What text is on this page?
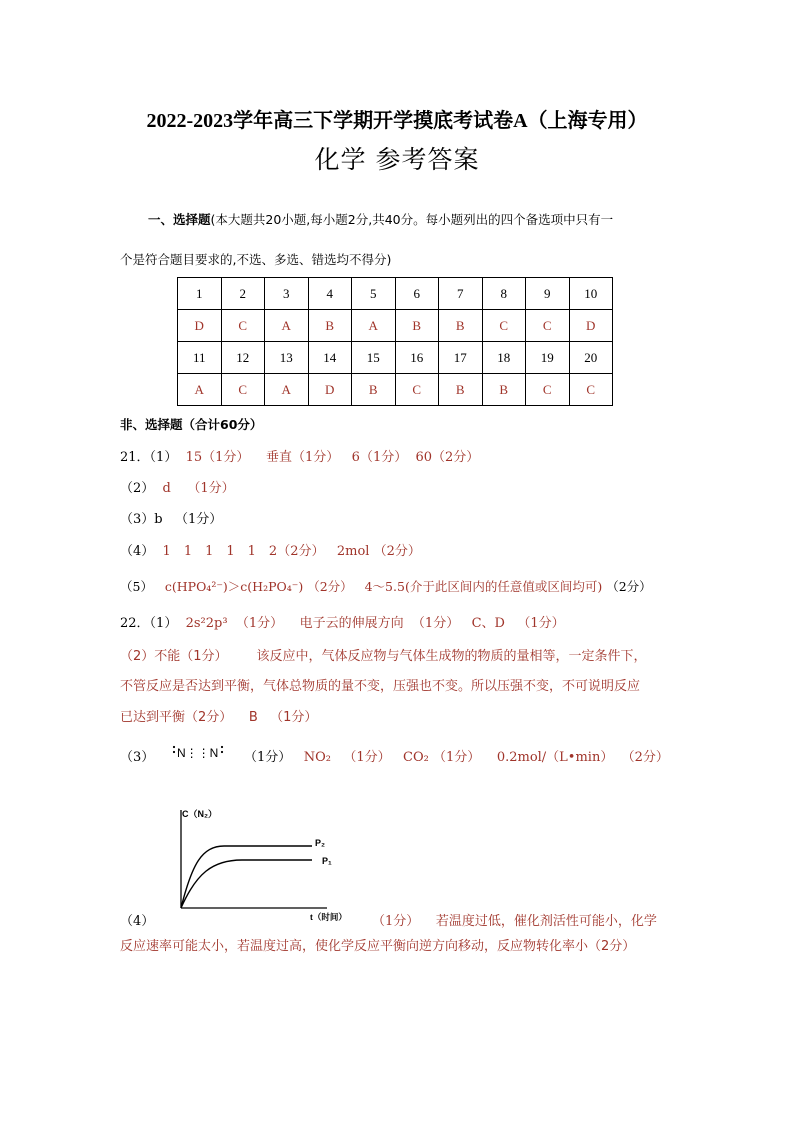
2022-2023学年高三下学期开学摸底考试卷A（上海专用）
化学 参考答案
一、选择题(本大题共20小题,每小题2分,共40分。每小题列出的四个备选项中只有一
个是符合题目要求的,不选、多选、错选均不得分)
1	2	3	4	5	6	7	8	9	10
D	C	A	B	A	B	B	C	C	D
11	12	13	14	15	16	17	18	19	20
A	C	A	D	B	C	B	B	C	C
非、选择题（合计60分）
21．（1） 15（1分） 垂直（1分） 6（1分） 60（2分）
（2） d （1分）
（3）b （1分）
（4） 1　1　1　1　1　2（2分） 2mol （2分）
（5） c(HPO₄²⁻)＞c(H₂PO₄⁻) （2分） 4～5.5(介于此区间内的任意值或区间均可) （2分）
22．（1） 2s²2p³ （1分） 电子云的伸展方向 （1分） C、D （1分）
（2）不能（1分） 该反应中，气体反应物与气体生成物的物质的量相等，一定条件下，
不管反应是否达到平衡，气体总物质的量不变，压强也不变。所以压强不变，不可说明反应
已达到平衡（2分） B （1分）
（3） N⋮⋮N （1分） NO₂ （1分） CO₂ （1分） 0.2mol/（L•min） （2分）
C（N₂）
P₂
P₁
t（时间）
（4）	（1分） 若温度过低，催化剂活性可能小，化学
反应速率可能太小，若温度过高，使化学反应平衡向逆方向移动，反应物转化率小（2分）
